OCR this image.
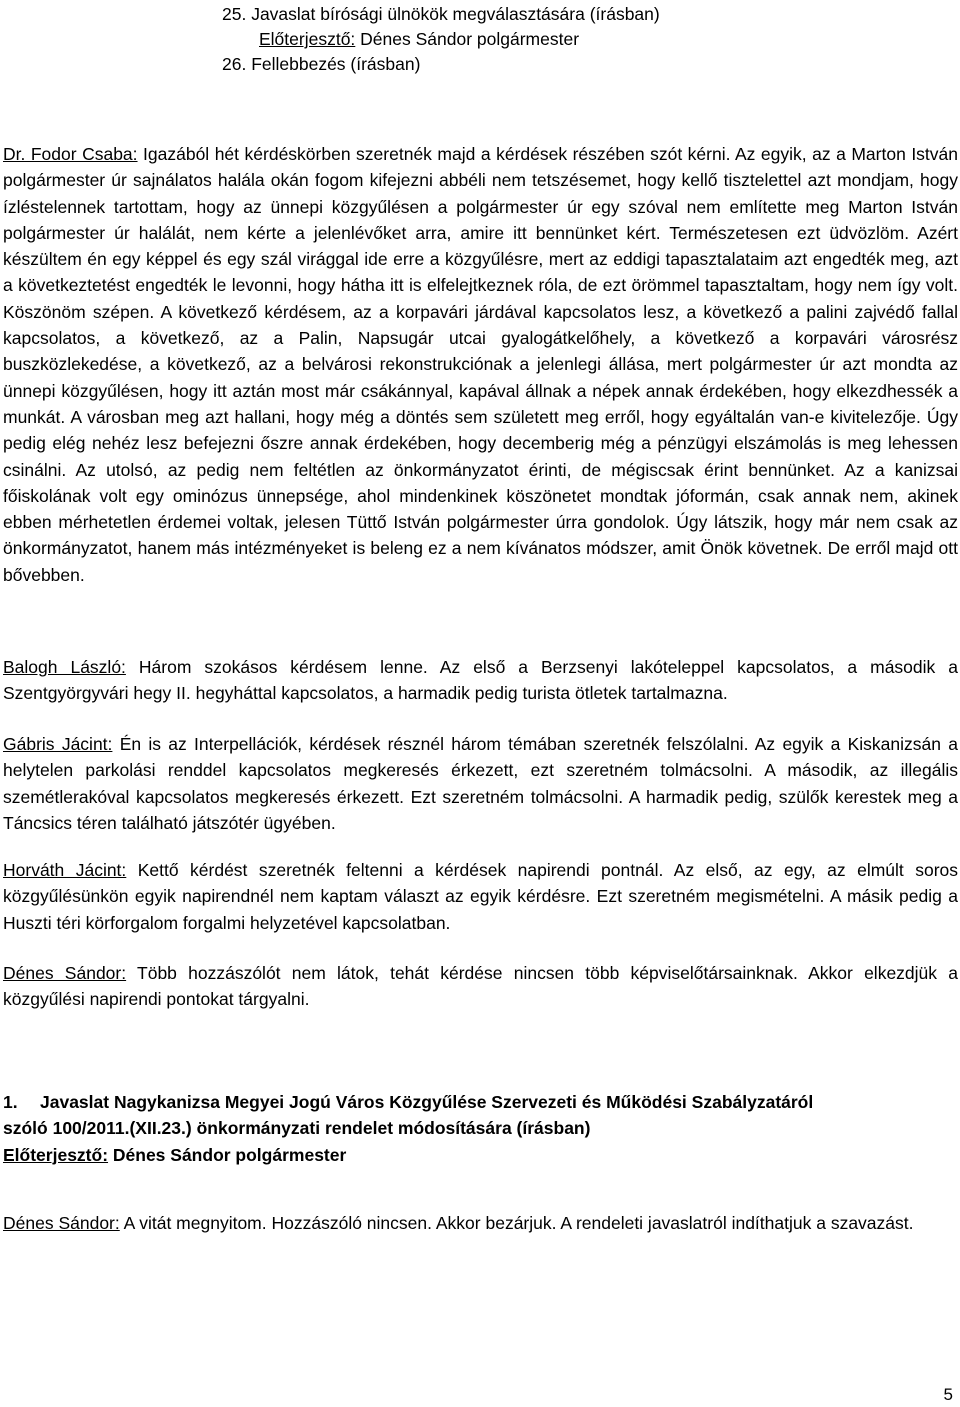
25. Javaslat bírósági ülnökök megválasztására (írásban)
Előterjesztő: Dénes Sándor polgármester
26. Fellebbezés (írásban)

Dr. Fodor Csaba: Igazából hét kérdéskörben szeretnék majd a kérdések részében szót kérni. Az egyik, az a Marton István polgármester úr sajnálatos halála okán fogom kifejezni abbéli nem tetszésemet, hogy kellő tisztelettel azt mondjam, hogy ízléstelennek tartottam, hogy az ünnepi közgyűlésen a polgármester úr egy szóval nem említette meg Marton István polgármester úr halálát, nem kérte a jelenlévőket arra, amire itt bennünket kért. Természetesen ezt üdvözlöm. Azért készültem én egy képpel és egy szál virággal ide erre a közgyűlésre, mert az eddigi tapasztalataim azt engedték meg, azt a következtetést engedték le levonni, hogy hátha itt is elfelejtkeznek róla, de ezt örömmel tapasztaltam, hogy nem így volt. Köszönöm szépen. A következő kérdésem, az a korpavári járdával kapcsolatos lesz, a következő a palini zajvédő fallal kapcsolatos, a következő, az a Palin, Napsugár utcai gyalogátkelőhely, a következő a korpavári városrész buszközlekedése, a következő, az a belvárosi rekonstrukciónak a jelenlegi állása, mert polgármester úr azt mondta az ünnepi közgyűlésen, hogy itt aztán most már csákánnyal, kapával állnak a népek annak érdekében, hogy elkezdhessék a munkát. A városban meg azt hallani, hogy még a döntés sem született meg erről, hogy egyáltalán van-e kivitelezője. Úgy pedig elég nehéz lesz befejezni őszre annak érdekében, hogy decemberig még a pénzügyi elszámolás is meg lehessen csinálni. Az utolsó, az pedig nem feltétlen az önkormányzatot érinti, de mégiscsak érint bennünket. Az a kanizsai főiskolának volt egy ominózus ünnepsége, ahol mindenkinek köszönetet mondtak jóformán, csak annak nem, akinek ebben mérhetetlen érdemei voltak, jelesen Tüttő István polgármester úrra gondolok. Úgy látszik, hogy már nem csak az önkormányzatot, hanem más intézményeket is beleng ez a nem kívánatos módszer, amit Önök követnek. De erről majd ott bővebben.

Balogh László: Három szokásos kérdésem lenne. Az első a Berzsenyi lakóteleppel kapcsolatos, a második a Szentgyörgyvári hegy II. hegyháttal kapcsolatos, a harmadik pedig turista ötletek tartalmazna.

Gábris Jácint: Én is az Interpellációk, kérdések résznél három témában szeretnék felszólalni. Az egyik a Kiskanizsán a helytelen parkolási renddel kapcsolatos megkeresés érkezett, ezt szeretném tolmácsolni. A második, az illegális szemétlerakóval kapcsolatos megkeresés érkezett. Ezt szeretném tolmácsolni. A harmadik pedig, szülők kerestek meg a Táncsics téren található játszótér ügyében.

Horváth Jácint: Kettő kérdést szeretnék feltenni a kérdések napirendi pontnál. Az első, az egy, az elmúlt soros közgyűlésünkön egyik napirendnél nem kaptam választ az egyik kérdésre. Ezt szeretném megismételni. A másik pedig a Huszti téri körforgalom forgalmi helyzetével kapcsolatban.

Dénes Sándor: Több hozzászólót nem látok, tehát kérdése nincsen több képviselőtársainknak. Akkor elkezdjük a közgyűlési napirendi pontokat tárgyalni.

1.	Javaslat Nagykanizsa Megyei Jogú Város Közgyűlése Szervezeti és Működési Szabályzatáról
szóló 100/2011.(XII.23.) önkormányzati rendelet módosítására (írásban)
Előterjesztő: Dénes Sándor polgármester

Dénes Sándor: A vitát megnyitom. Hozzászóló nincsen. Akkor bezárjuk. A rendeleti javaslatról indíthatjuk a szavazást.

5
